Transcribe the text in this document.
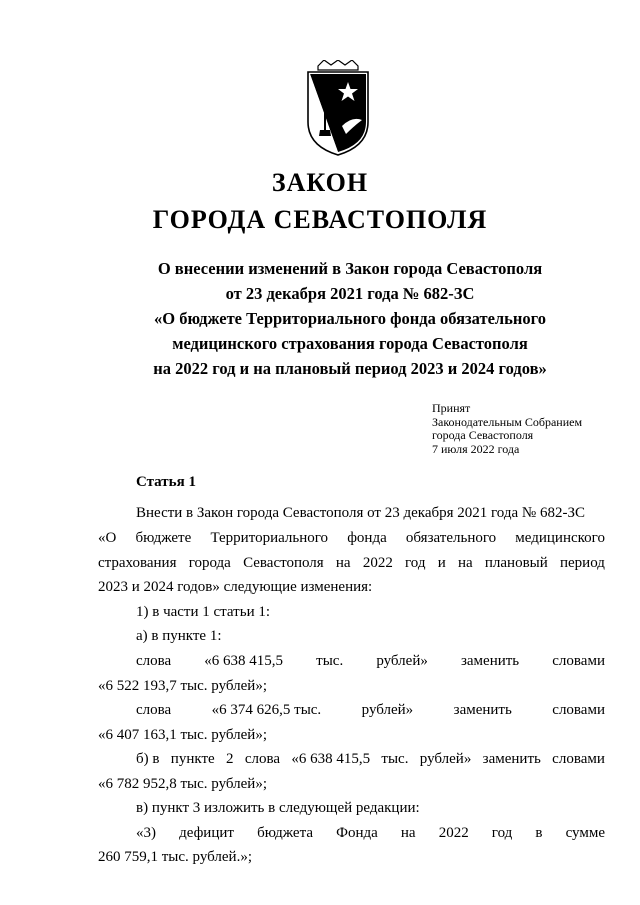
ЗАКОН
ГОРОДА СЕВАСТОПОЛЯ
О внесении изменений в Закон города Севастополя
от 23 декабря 2021 года № 682-ЗС
«О бюджете Территориального фонда обязательного
медицинского страхования города Севастополя
на 2022 год и на плановый период 2023 и 2024 годов»
Принят
Законодательным Собранием
города Севастополя
7 июля 2022 года
Статья 1
Внести в Закон города Севастополя от 23 декабря 2021 года № 682-ЗС
«О бюджете Территориального фонда обязательного медицинского
страхования города Севастополя на 2022 год и на плановый период
2023 и 2024 годов» следующие изменения:
1) в части 1 статьи 1:
а) в пункте 1:
слова «6 638 415,5 тыс. рублей» заменить словами
«6 522 193,7 тыс. рублей»;
слова	«6 374 626,5 тыс.	рублей»	заменить	словами
«6 407 163,1 тыс. рублей»;
б) в пункте 2 слова «6 638 415,5 тыс. рублей» заменить словами
«6 782 952,8 тыс. рублей»;
в) пункт 3 изложить в следующей редакции:
«3) дефицит бюджета Фонда на 2022 год в сумме
260 759,1 тыс. рублей.»;
